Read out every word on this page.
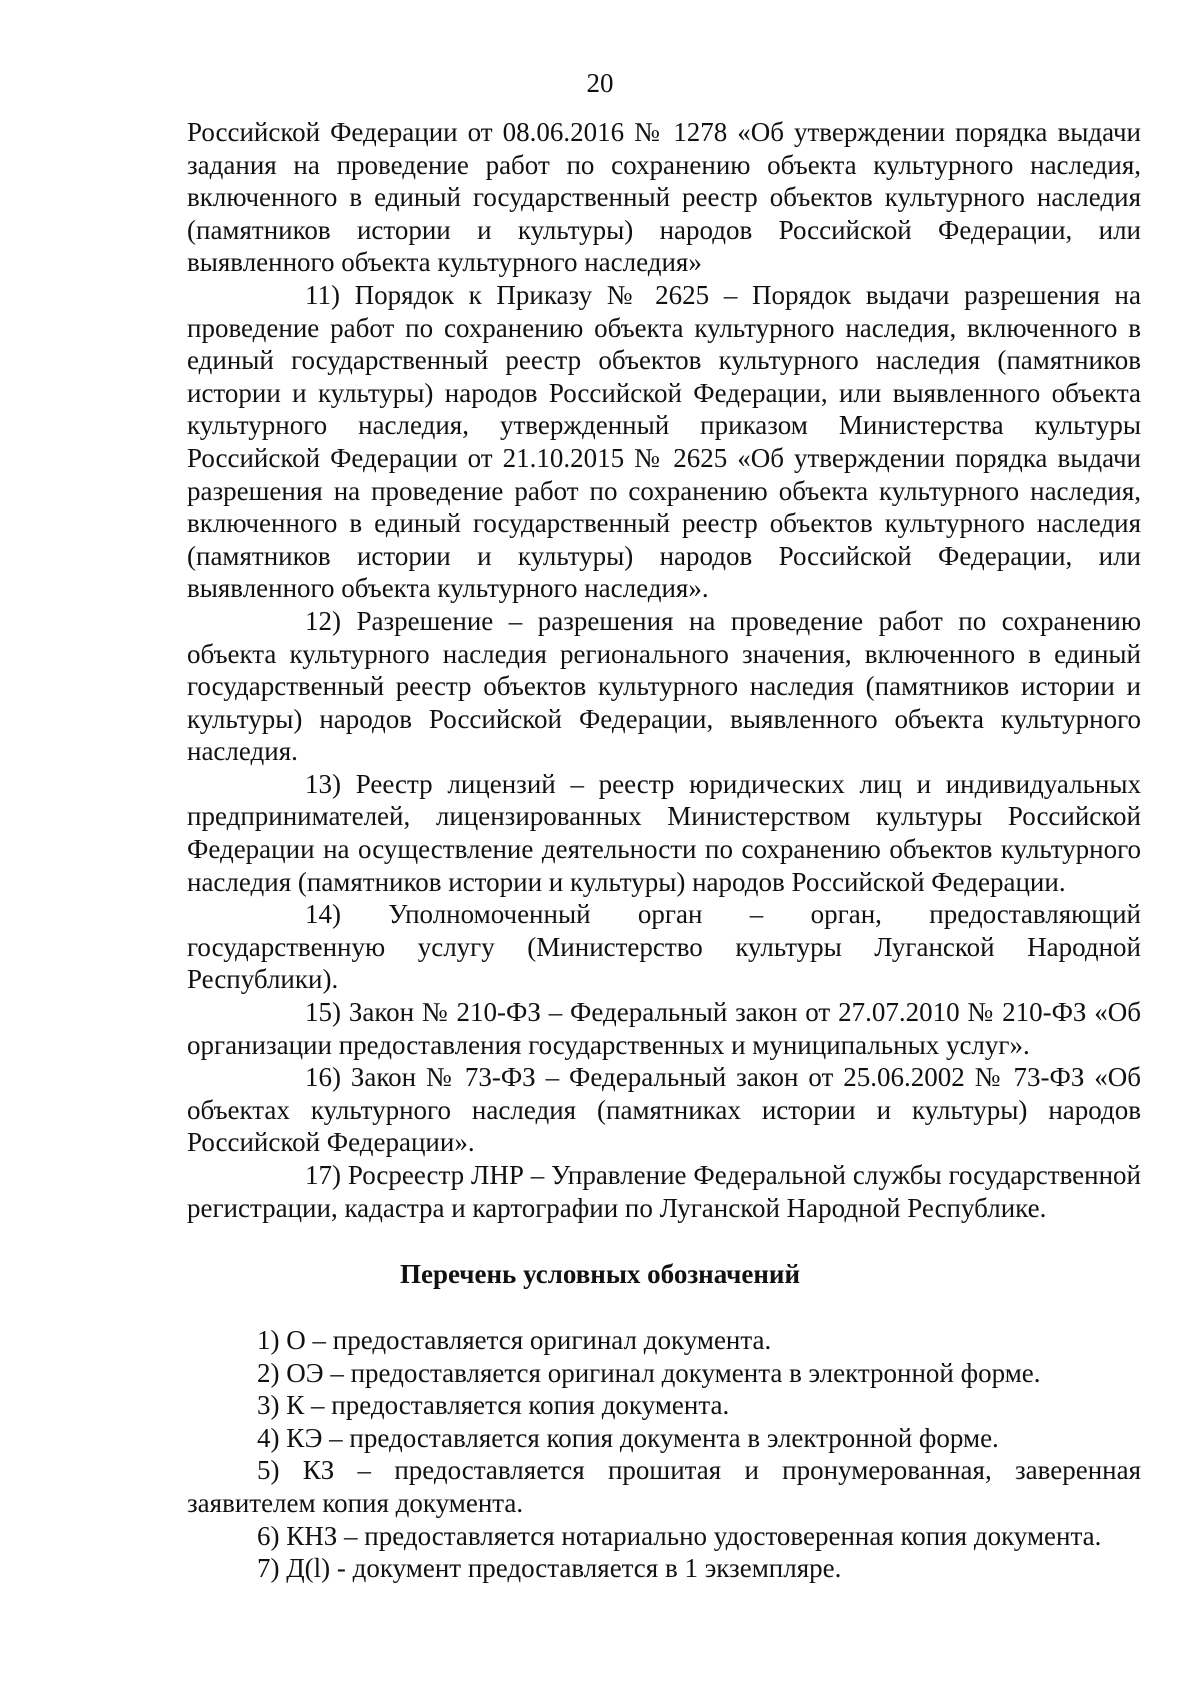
20

Российской Федерации от 08.06.2016 № 1278 «Об утверждении порядка выдачи задания на проведение работ по сохранению объекта культурного наследия, включенного в единый государственный реестр объектов культурного наследия (памятников истории и культуры) народов Российской Федерации, или выявленного объекта культурного наследия»

11) Порядок к Приказу № 2625 – Порядок выдачи разрешения на проведение работ по сохранению объекта культурного наследия, включенного в единый государственный реестр объектов культурного наследия (памятников истории и культуры) народов Российской Федерации, или выявленного объекта культурного наследия, утвержденный приказом Министерства культуры Российской Федерации от 21.10.2015 № 2625 «Об утверждении порядка выдачи разрешения на проведение работ по сохранению объекта культурного наследия, включенного в единый государственный реестр объектов культурного наследия (памятников истории и культуры) народов Российской Федерации, или выявленного объекта культурного наследия».

12) Разрешение – разрешения на проведение работ по сохранению объекта культурного наследия регионального значения, включенного в единый государственный реестр объектов культурного наследия (памятников истории и культуры) народов Российской Федерации, выявленного объекта культурного наследия.

13) Реестр лицензий – реестр юридических лиц и индивидуальных предпринимателей, лицензированных Министерством культуры Российской Федерации на осуществление деятельности по сохранению объектов культурного наследия (памятников истории и культуры) народов Российской Федерации.

14) Уполномоченный орган – орган, предоставляющий государственную услугу (Министерство культуры Луганской Народной Республики).

15) Закон № 210-ФЗ – Федеральный закон от 27.07.2010 № 210-ФЗ «Об организации предоставления государственных и муниципальных услуг».

16) Закон № 73-ФЗ – Федеральный закон от 25.06.2002 № 73-ФЗ «Об объектах культурного наследия (памятниках истории и культуры) народов Российской Федерации».

17) Росреестр ЛНР – Управление Федеральной службы государственной регистрации, кадастра и картографии по Луганской Народной Республике.

Перечень условных обозначений

1) О – предоставляется оригинал документа.

2) ОЭ – предоставляется оригинал документа в электронной форме.

3) К – предоставляется копия документа.

4) КЭ – предоставляется копия документа в электронной форме.

5) КЗ – предоставляется прошитая и пронумерованная, заверенная заявителем копия документа.

6) КНЗ – предоставляется нотариально удостоверенная копия документа.

7) Д(l) - документ предоставляется в 1 экземпляре.
